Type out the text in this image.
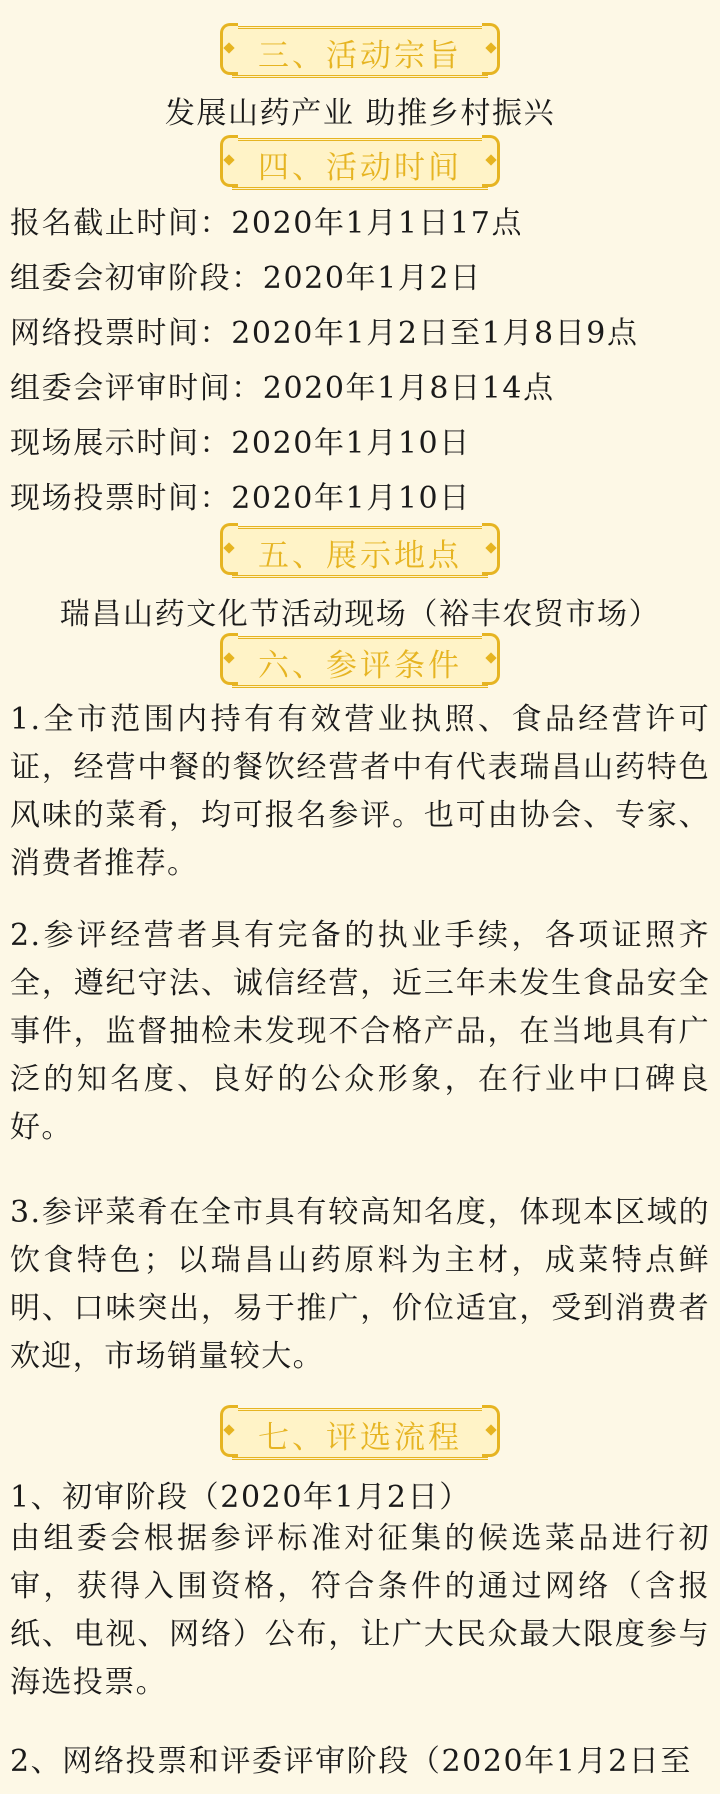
三、活动宗旨
发展山药产业 助推乡村振兴
四、活动时间
报名截止时间：2020年1月1日17点
组委会初审阶段：2020年1月2日
网络投票时间：2020年1月2日至1月8日9点
组委会评审时间：2020年1月8日14点
现场展示时间：2020年1月10日
现场投票时间：2020年1月10日
五、展示地点
瑞昌山药文化节活动现场（裕丰农贸市场）
六、参评条件
1.全市范围内持有有效营业执照、食品经营许可证，经营中餐的餐饮经营者中有代表瑞昌山药特色风味的菜肴，均可报名参评。也可由协会、专家、消费者推荐。
2.参评经营者具有完备的执业手续，各项证照齐全，遵纪守法、诚信经营，近三年未发生食品安全事件，监督抽检未发现不合格产品，在当地具有广泛的知名度、良好的公众形象，在行业中口碑良好。
3.参评菜肴在全市具有较高知名度，体现本区域的饮食特色；以瑞昌山药原料为主材，成菜特点鲜明、口味突出，易于推广，价位适宜，受到消费者欢迎，市场销量较大。
七、评选流程
1、初审阶段（2020年1月2日）
由组委会根据参评标准对征集的候选菜品进行初审，获得入围资格，符合条件的通过网络（含报纸、电视、网络）公布，让广大民众最大限度参与海选投票。
2、网络投票和评委评审阶段（2020年1月2日至
